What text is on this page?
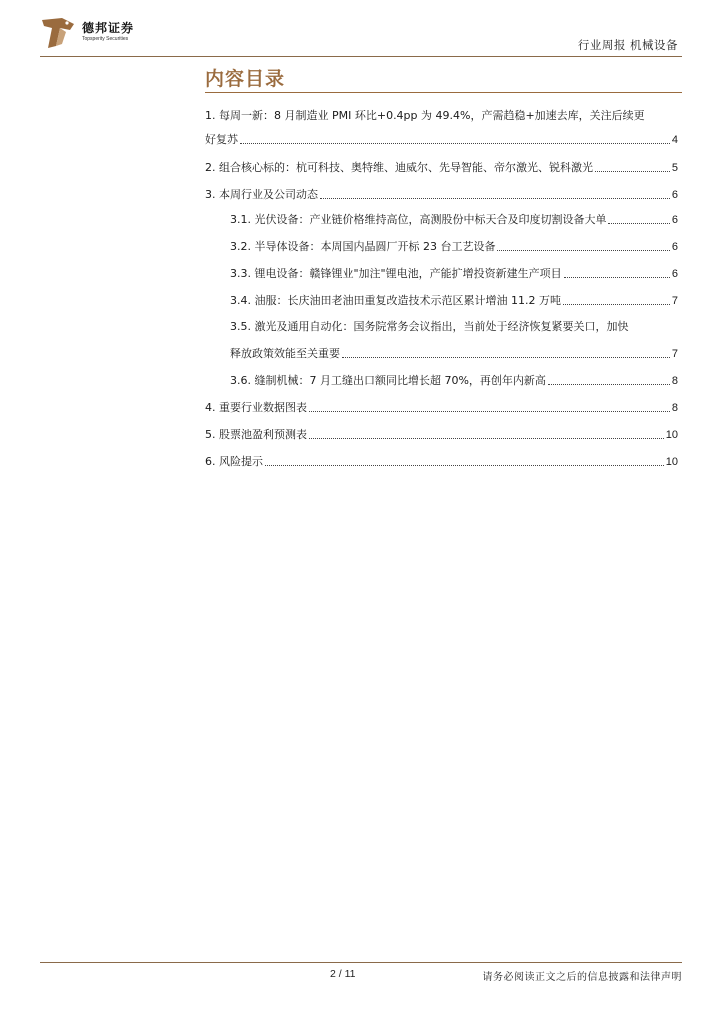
德邦证券
Topsperity Securities	行业周报 机械设备
内容目录
1. 每周一新：8 月制造业 PMI 环比+0.4pp 为 49.4%，产需趋稳+加速去库，关注后续更
好复苏	4
2. 组合核心标的：杭可科技、奥特维、迪威尔、先导智能、帝尔激光、锐科激光	5
3. 本周行业及公司动态	6
3.1. 光伏设备：产业链价格维持高位，高测股份中标天合及印度切割设备大单	6
3.2. 半导体设备：本周国内晶圆厂开标 23 台工艺设备	6
3.3. 锂电设备：赣锋锂业"加注"锂电池，产能扩增投资新建生产项目	6
3.4. 油服：长庆油田老油田重复改造技术示范区累计增油 11.2 万吨	7
3.5. 激光及通用自动化：国务院常务会议指出，当前处于经济恢复紧要关口，加快
释放政策效能至关重要	7
3.6. 缝制机械：7 月工缝出口额同比增长超 70%，再创年内新高	8
4. 重要行业数据图表	8
5. 股票池盈利预测表	10
6. 风险提示	10
2 / 11	请务必阅读正文之后的信息披露和法律声明
